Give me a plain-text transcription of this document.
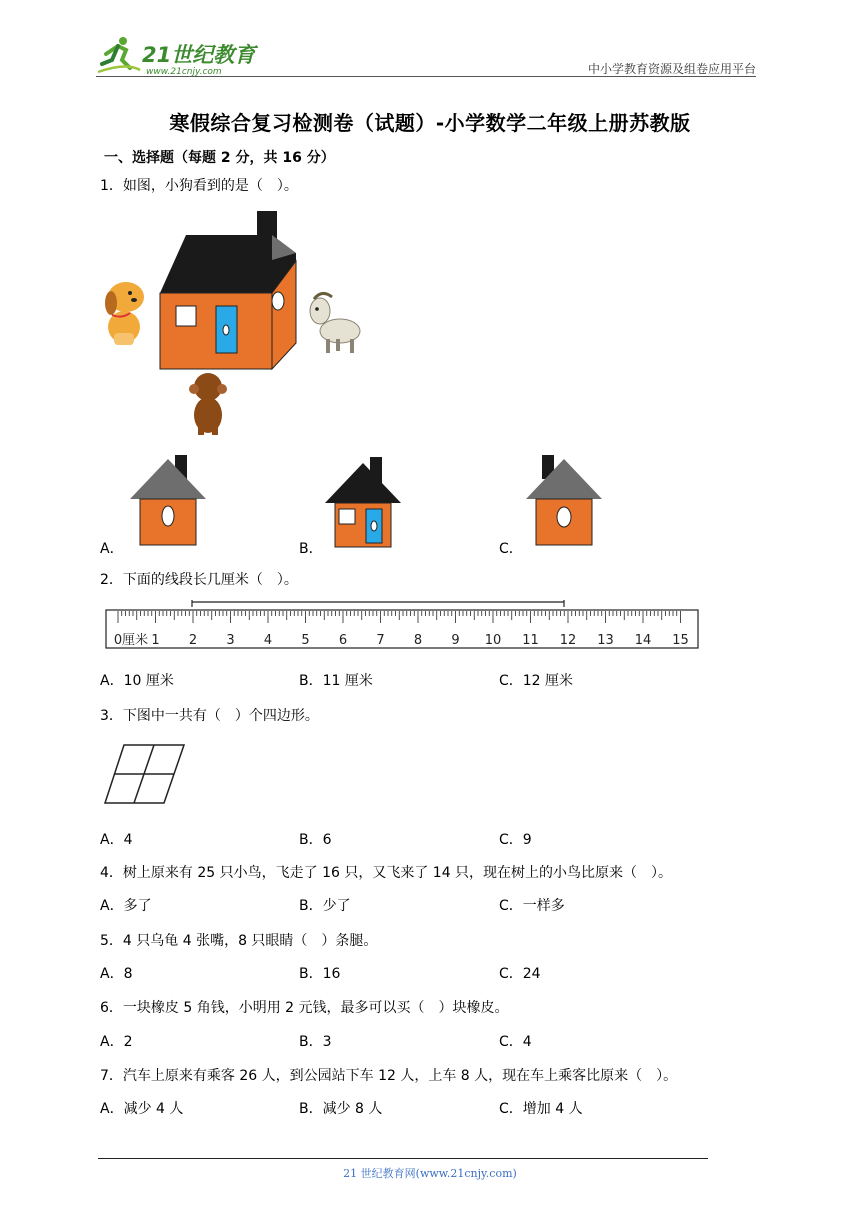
21世纪教育
www.21cnjy.com	中小学教育资源及组卷应用平台
寒假综合复习检测卷（试题）-小学数学二年级上册苏教版
一、选择题（每题 2 分，共 16 分）
1．如图，小狗看到的是（　）。
A．	B．	C．
2．下面的线段长几厘米（　）。
0 1 2 3 4 5 6 7 8 9 10 11 12 13 14 15
厘米
A．10 厘米	B．11 厘米	C．12 厘米
3．下图中一共有（　）个四边形。
A．4	B．6	C．9
4．树上原来有 25 只小鸟，飞走了 16 只，又飞来了 14 只，现在树上的小鸟比原来（　）。
A．多了	B．少了	C．一样多
5．4 只乌龟 4 张嘴，8 只眼睛（　）条腿。
A．8	B．16	C．24
6．一块橡皮 5 角钱，小明用 2 元钱，最多可以买（　）块橡皮。
A．2	B．3	C．4
7．汽车上原来有乘客 26 人，到公园站下车 12 人，上车 8 人，现在车上乘客比原来（　）。
A．减少 4 人	B．减少 8 人	C．增加 4 人
21 世纪教育网(www.21cnjy.com)
